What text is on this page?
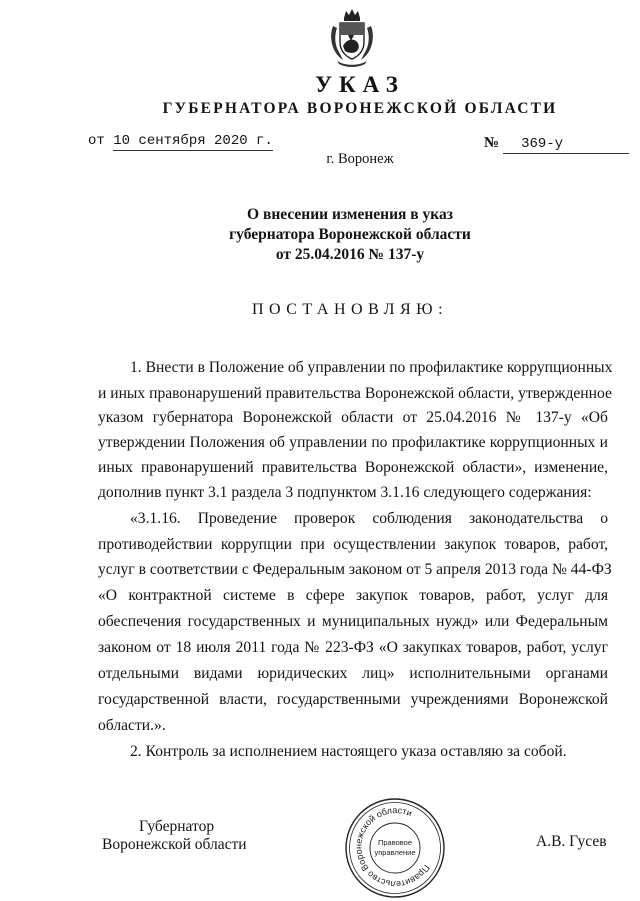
УКАЗ
ГУБЕРНАТОРА ВОРОНЕЖСКОЙ ОБЛАСТИ
от 10 сентября 2020 г.	№ 369-у
г. Воронеж
О внесении изменения в указ
губернатора Воронежской области
от 25.04.2016 № 137-у
ПОСТАНОВЛЯЮ:
1. Внести в Положение об управлении по профилактике коррупционных
и иных правонарушений правительства Воронежской области, утвержденное
указом губернатора Воронежской области от 25.04.2016 № 137-у «Об
утверждении Положения об управлении по профилактике коррупционных и
иных правонарушений правительства Воронежской области», изменение,
дополнив пункт 3.1 раздела 3 подпунктом 3.1.16 следующего содержания:
«3.1.16. Проведение проверок соблюдения законодательства о
противодействии коррупции при осуществлении закупок товаров, работ,
услуг в соответствии с Федеральным законом от 5 апреля 2013 года № 44-ФЗ
«О контрактной системе в сфере закупок товаров, работ, услуг для
обеспечения государственных и муниципальных нужд» или Федеральным
законом от 18 июля 2011 года № 223-ФЗ «О закупках товаров, работ, услуг
отдельными видами юридических лиц» исполнительными органами
государственной власти, государственными учреждениями Воронежской
области.».
2. Контроль за исполнением настоящего указа оставляю за собой.
Губернатор
Воронежской области	А.В. Гусев
Правительство Воронежской области
Правовое
управление
